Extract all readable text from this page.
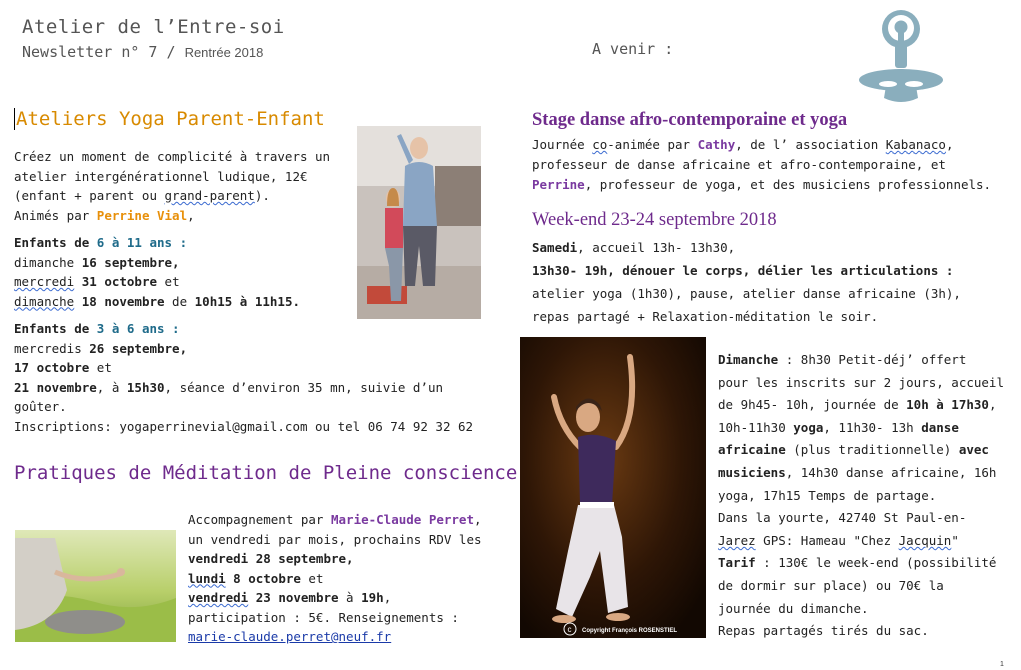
Atelier de l’Entre-soi
Newsletter n° 7 / Rentrée 2018	A venir :
Ateliers Yoga Parent-Enfant
Créez un moment de complicité à travers un
atelier intergénérationnel ludique, 12€
(enfant + parent ou grand-parent).
Animés par Perrine Vial,
Enfants de 6 à 11 ans :
dimanche 16 septembre,
mercredi 31 octobre et
dimanche 18 novembre de 10h15 à 11h15.
Enfants de 3 à 6 ans :
mercredis 26 septembre,
17 octobre et
21 novembre, à 15h30, séance d’environ 35 mn, suivie d’un
goûter.
Inscriptions: yogaperrinevial@gmail.com ou tel 06 74 92 32 62
Pratiques de Méditation de Pleine conscience
Accompagnement par Marie-Claude Perret,
un vendredi par mois, prochains RDV les
vendredi 28 septembre,
lundi 8 octobre et
vendredi 23 novembre à 19h,
participation : 5€. Renseignements :
marie-claude.perret@neuf.fr
Stage danse afro-contemporaine et yoga
Journée co-animée par Cathy, de l’ association Kabanaco,
professeur de danse africaine et afro-contemporaine, et
Perrine, professeur de yoga, et des musiciens professionnels.
Week-end 23-24 septembre 2018
Samedi, accueil 13h- 13h30,
13h30- 19h, dénouer le corps, délier les articulations :
atelier yoga (1h30), pause, atelier danse africaine (3h),
repas partagé + Relaxation-méditation le soir.
c Copyright François ROSENSTIEL
Dimanche : 8h30 Petit-déj’ offert
pour les inscrits sur 2 jours, accueil
de 9h45- 10h, journée de 10h à 17h30,
10h-11h30 yoga, 11h30- 13h danse
africaine (plus traditionnelle) avec
musiciens, 14h30 danse africaine, 16h
yoga, 17h15 Temps de partage.
Dans la yourte, 42740 St Paul-en-
Jarez GPS: Hameau "Chez Jacquin"
Tarif : 130€ le week-end (possibilité
de dormir sur place) ou 70€ la
journée du dimanche.
Repas partagés tirés du sac.
1
